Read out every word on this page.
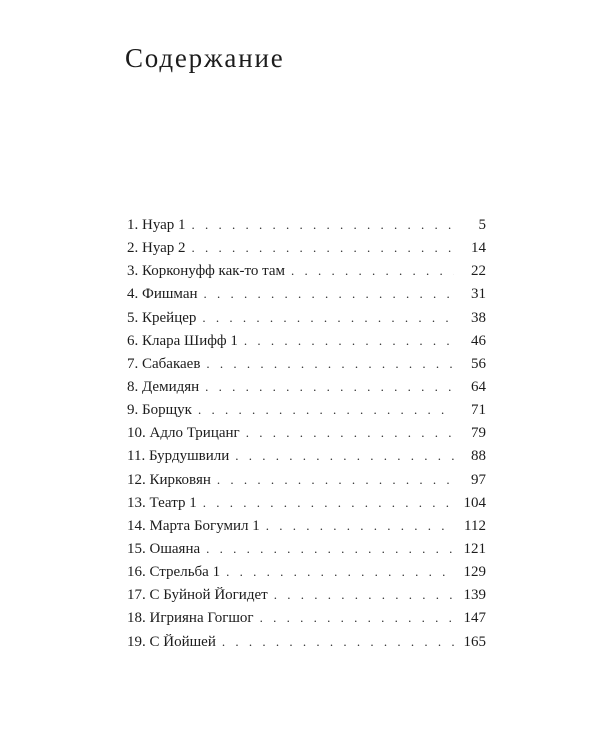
Содержание
1. Нуар 1 . . .	5
2. Нуар 2 . . .	14
3. Корконуфф как-то там . . .	22
4. Фишман . . .	31
5. Крейцер . . .	38
6. Клара Шифф 1 . . .	46
7. Сабакаев . . .	56
8. Демидян . . .	64
9. Борщук . . .	71
10. Адло Трицанг . . .	79
11. Бурдушвили . . .	88
12. Кирковян . . .	97
13. Театр 1 . . .	104
14. Марта Богумил 1 . . .	112
15. Ошаяна . . .	121
16. Стрельба 1 . . .	129
17. С Буйной Йогидет . . .	139
18. Игрияна Гогшог . . .	147
19. С Йойшей . . .	165
